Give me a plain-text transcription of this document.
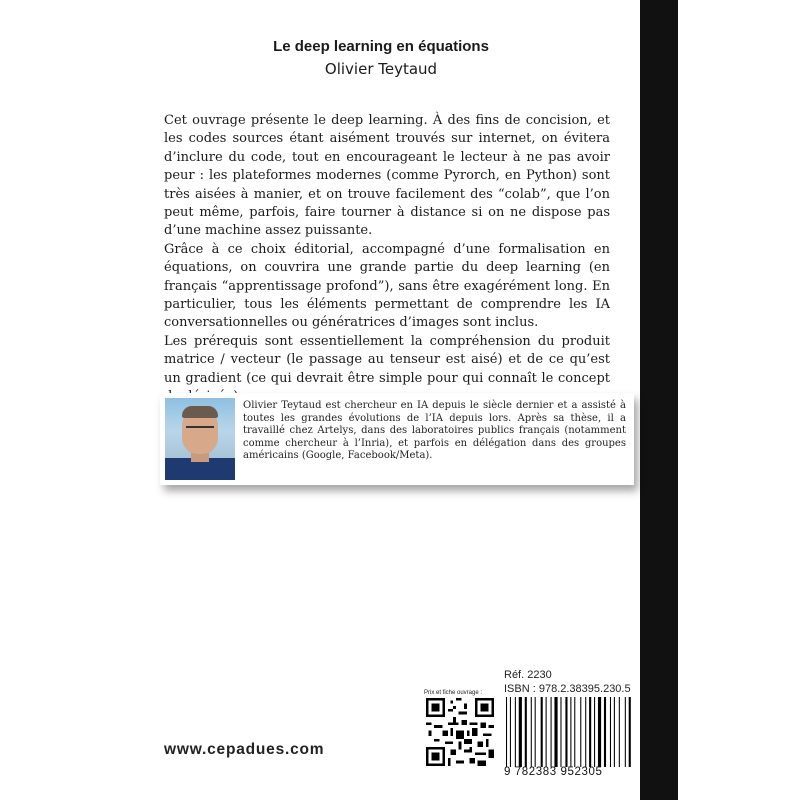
Le deep learning en équations
Olivier Teytaud

Cet ouvrage présente le deep learning. À des fins de concision, et les codes sources étant aisément trouvés sur internet, on évitera d’inclure du code, tout en encourageant le lecteur à ne pas avoir peur : les plateformes modernes (comme Pyrorch, en Python) sont très aisées à manier, et on trouve facilement des “colab”, que l’on peut même, parfois, faire tourner à distance si on ne dispose pas d’une machine assez puissante.

Grâce à ce choix éditorial, accompagné d’une formalisation en équations, on couvrira une grande partie du deep learning (en français “apprentissage profond”), sans être exagérément long. En particulier, tous les éléments permettant de comprendre les IA conversationnelles ou génératrices d’images sont inclus.

Les prérequis sont essentiellement la compréhension du produit matrice / vecteur (le passage au tenseur est aisé) et de ce qu’est un gradient (ce qui devrait être simple pour qui connaît le concept

Olivier Teytaud est chercheur en IA depuis le siècle dernier et a assisté à toutes les grandes évolutions de l’IA depuis lors. Après sa thèse, il a travaillé chez Artelys, dans des laboratoires publics français (notamment comme chercheur à l’Inria), et parfois en délégation dans des groupes américains (Google, Facebook/Meta).
Réf. 2230
ISBN : 978.2.38395.230.5
Prix et fiche ouvrage :
9 782383 952305
www.cepadues.com
